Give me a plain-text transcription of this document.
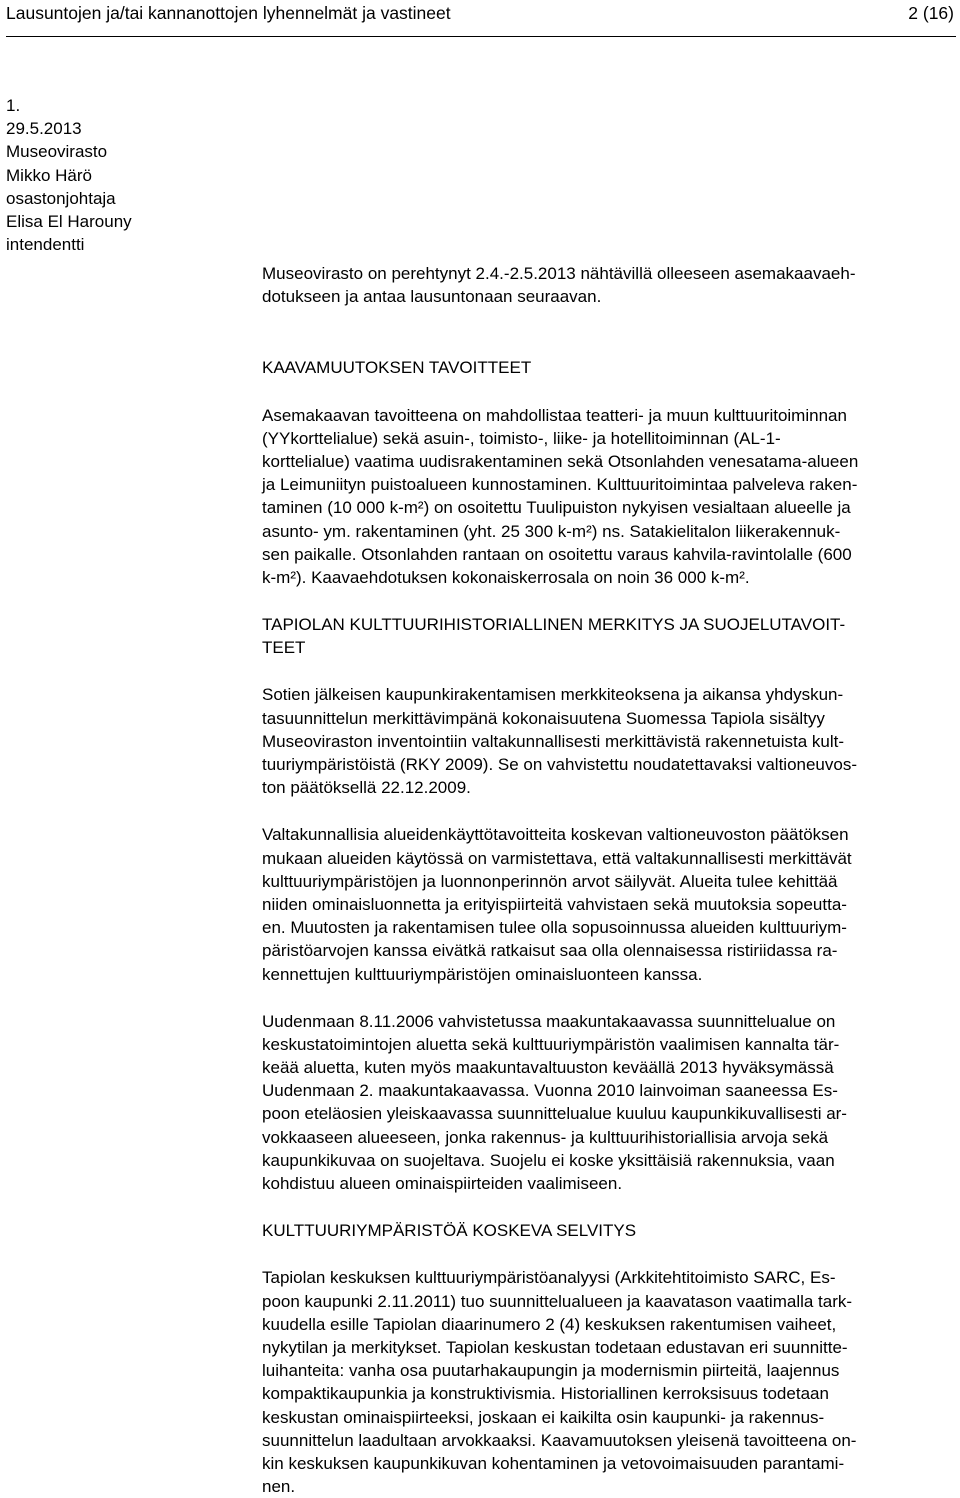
Lausuntojen ja/tai kannanottojen lyhennelmät ja vastineet	2 (16)
1.
29.5.2013
Museovirasto
Mikko Härö
osastonjohtaja
Elisa El Harouny
intendentti

Museovirasto on perehtynyt 2.4.-2.5.2013 nähtävillä olleeseen asemakaavaeh-
dotukseen ja antaa lausuntonaan seuraavan.

KAAVAMUUTOKSEN TAVOITTEET

Asemakaavan tavoitteena on mahdollistaa teatteri- ja muun kulttuuritoiminnan
(YYkorttelialue) sekä asuin-, toimisto-, liike- ja hotellitoiminnan (AL-1-
korttelialue) vaatima uudisrakentaminen sekä Otsonlahden venesatama-alueen
ja Leimuniityn puistoalueen kunnostaminen. Kulttuuritoimintaa palveleva raken-
taminen (10 000 k-m²) on osoitettu Tuulipuiston nykyisen vesialtaan alueelle ja
asunto- ym. rakentaminen (yht. 25 300 k-m²) ns. Satakielitalon liikerakennuk-
sen paikalle. Otsonlahden rantaan on osoitettu varaus kahvila-ravintolalle (600
k-m²). Kaavaehdotuksen kokonaiskerrosala on noin 36 000 k-m².

TAPIOLAN KULTTUURIHISTORIALLINEN MERKITYS JA SUOJELUTAVOIT-
TEET

Sotien jälkeisen kaupunkirakentamisen merkkiteoksena ja aikansa yhdyskun-
tasuunnittelun merkittävimpänä kokonaisuutena Suomessa Tapiola sisältyy
Museoviraston inventointiin valtakunnallisesti merkittävistä rakennetuista kult-
tuuriympäristöistä (RKY 2009). Se on vahvistettu noudatettavaksi valtioneuvos-
ton päätöksellä 22.12.2009.

Valtakunnallisia alueidenkäyttötavoitteita koskevan valtioneuvoston päätöksen
mukaan alueiden käytössä on varmistettava, että valtakunnallisesti merkittävät
kulttuuriympäristöjen ja luonnonperinnön arvot säilyvät. Alueita tulee kehittää
niiden ominaisluonnetta ja erityispiirteitä vahvistaen sekä muutoksia sopeutta-
en. Muutosten ja rakentamisen tulee olla sopusoinnussa alueiden kulttuuriym-
päristöarvojen kanssa eivätkä ratkaisut saa olla olennaisessa ristiriidassa ra-
kennettujen kulttuuriympäristöjen ominaisluonteen kanssa.

Uudenmaan 8.11.2006 vahvistetussa maakuntakaavassa suunnittelualue on
keskustatoimintojen aluetta sekä kulttuuriympäristön vaalimisen kannalta tär-
keää aluetta, kuten myös maakuntavaltuuston keväällä 2013 hyväksymässä
Uudenmaan 2. maakuntakaavassa. Vuonna 2010 lainvoiman saaneessa Es-
poon eteläosien yleiskaavassa suunnittelualue kuuluu kaupunkikuvallisesti ar-
vokkaaseen alueeseen, jonka rakennus- ja kulttuurihistoriallisia arvoja sekä
kaupunkikuvaa on suojeltava. Suojelu ei koske yksittäisiä rakennuksia, vaan
kohdistuu alueen ominaispiirteiden vaalimiseen.

KULTTUURIYMPÄRISTÖÄ KOSKEVA SELVITYS

Tapiolan keskuksen kulttuuriympäristöanalyysi (Arkkitehtitoimisto SARC, Es-
poon kaupunki 2.11.2011) tuo suunnittelualueen ja kaavatason vaatimalla tark-
kuudella esille Tapiolan diaarinumero 2 (4) keskuksen rakentumisen vaiheet,
nykytilan ja merkitykset. Tapiolan keskustan todetaan edustavan eri suunnitte-
luihanteita: vanha osa puutarhakaupungin ja modernismin piirteitä, laajennus
kompaktikaupunkia ja konstruktivismia. Historiallinen kerroksisuus todetaan
keskustan ominaispiirteeksi, joskaan ei kaikilta osin kaupunki- ja rakennus-
suunnittelun laadultaan arvokkaaksi. Kaavamuutoksen yleisenä tavoitteena on-
kin keskuksen kaupunkikuvan kohentaminen ja vetovoimaisuuden parantami-
nen.
